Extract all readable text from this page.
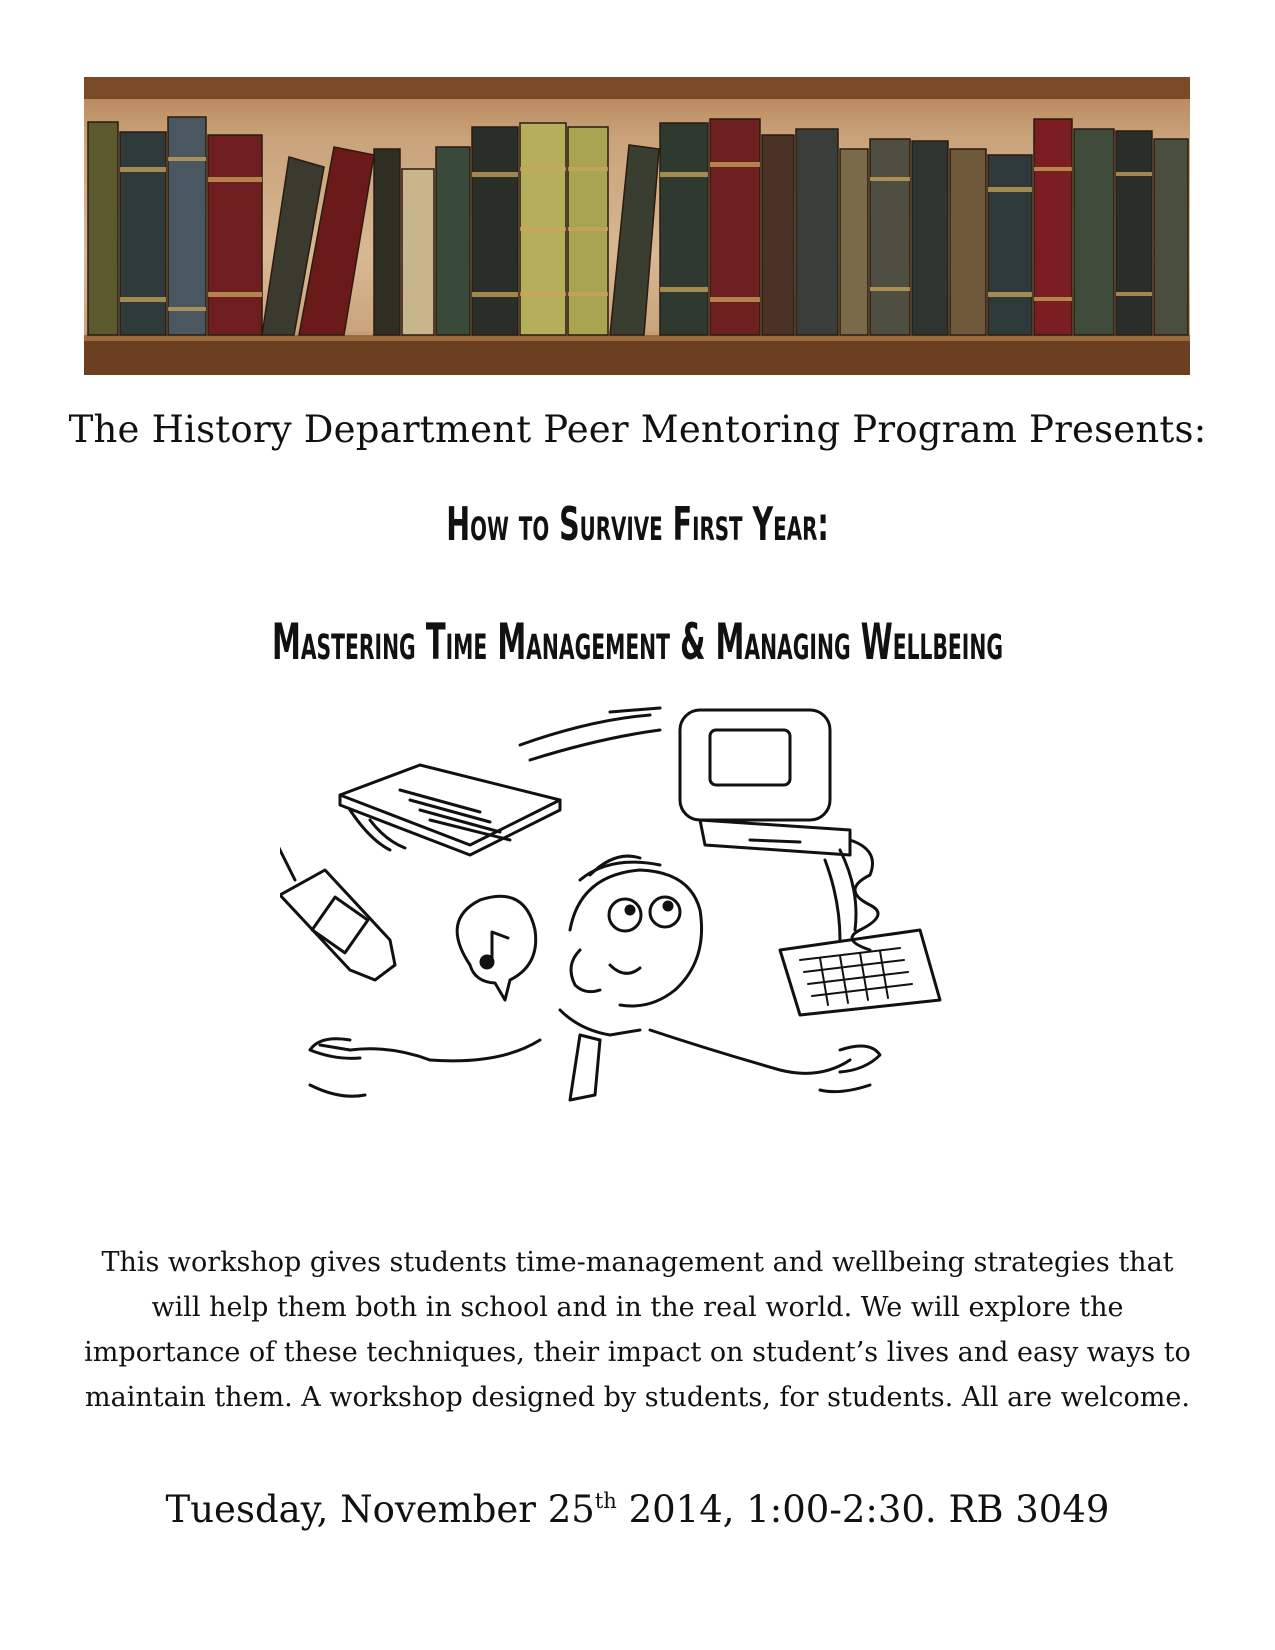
The History Department Peer Mentoring Program Presents:
How to Survive First Year:
Mastering Time Management & Managing Wellbeing
This workshop gives students time-management and wellbeing strategies that
will help them both in school and in the real world. We will explore the
importance of these techniques, their impact on student’s lives and easy ways to
maintain them. A workshop designed by students, for students. All are welcome.
Tuesday, November 25th 2014, 1:00-2:30. RB 3049
